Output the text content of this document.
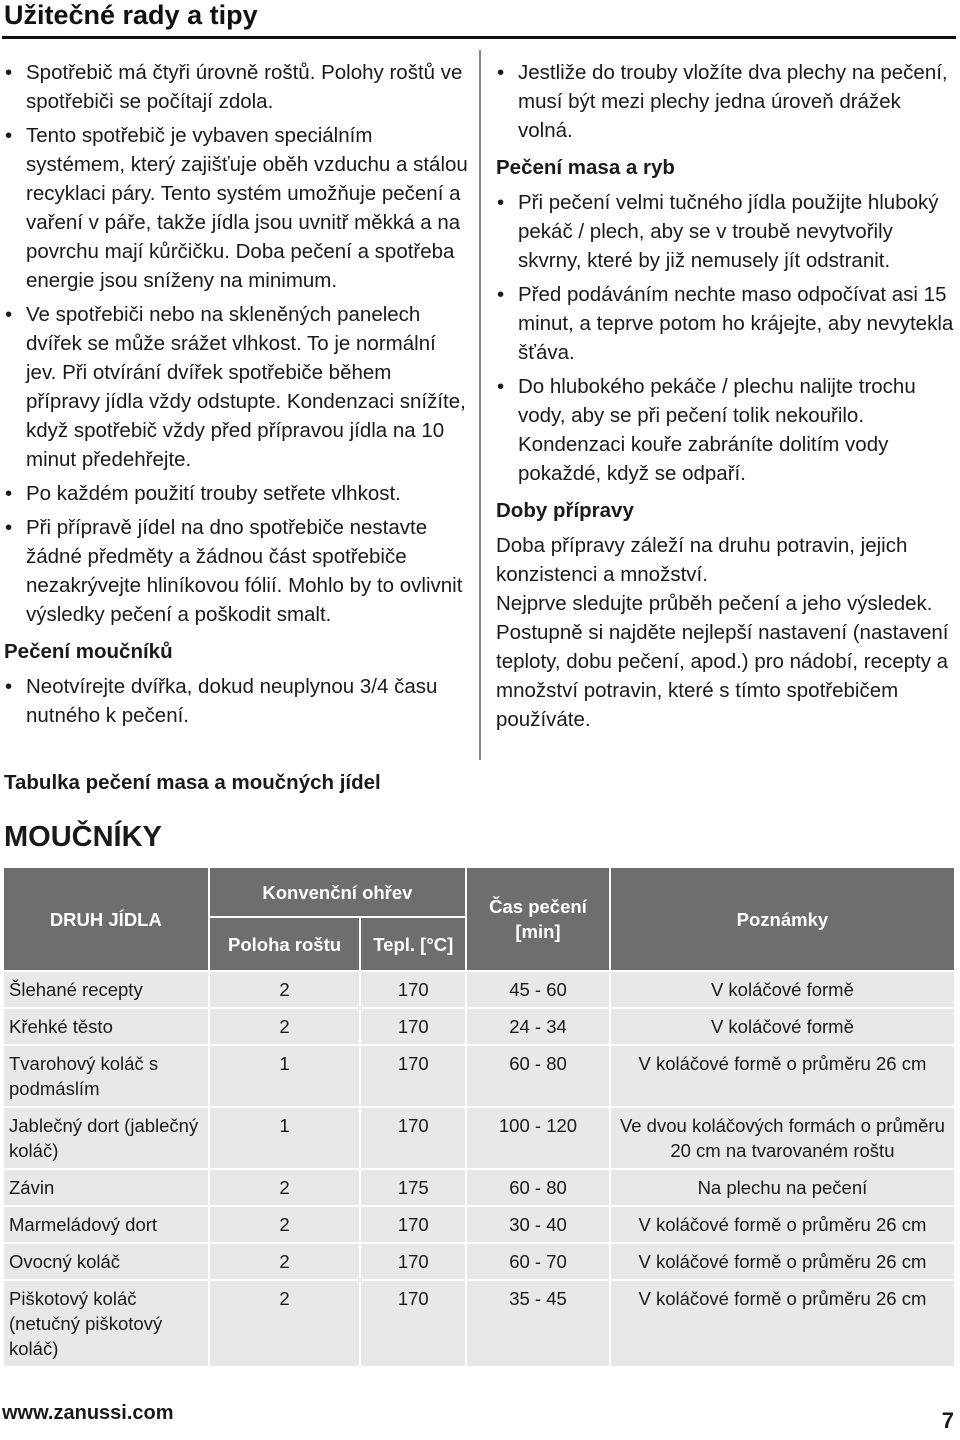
Užitečné rady a tipy
• Spotřebič má čtyři úrovně roštů. Polohy roštů ve spotřebiči se počítají zdola.
• Tento spotřebič je vybaven speciálním systémem, který zajišťuje oběh vzduchu a stálou recyklaci páry. Tento systém umožňuje pečení a vaření v páře, takže jídla jsou uvnitř měkká a na povrchu mají kůrčičku. Doba pečení a spotřeba energie jsou sníženy na minimum.
• Ve spotřebiči nebo na skleněných panelech dvířek se může srážet vlhkost. To je normální jev. Při otvírání dvířek spotřebiče během přípravy jídla vždy odstupte. Kondenzaci snížíte, když spotřebič vždy před přípravou jídla na 10 minut předehřejte.
• Po každém použití trouby setřete vlhkost.
• Při přípravě jídel na dno spotřebiče nestavte žádné předměty a žádnou část spotřebiče nezakrývejte hliníkovou fólií. Mohlo by to ovlivnit výsledky pečení a poškodit smalt.
Pečení moučníků
• Neotvírejte dvířka, dokud neuplynou 3/4 času nutného k pečení.
• Jestliže do trouby vložíte dva plechy na pečení, musí být mezi plechy jedna úroveň drážek volná.
Pečení masa a ryb
• Při pečení velmi tučného jídla použijte hluboký pekáč / plech, aby se v troubě nevytvořily skvrny, které by již nemusely jít odstranit.
• Před podáváním nechte maso odpočívat asi 15 minut, a teprve potom ho krájejte, aby nevytekla šťáva.
• Do hlubokého pekáče / plechu nalijte trochu vody, aby se při pečení tolik nekouřilo. Kondenzaci kouře zabráníte dolitím vody pokaždé, když se odpaří.
Doby přípravy

Doba přípravy záleží na druhu potravin, jejich konzistenci a množství.

Nejprve sledujte průběh pečení a jeho výsledek. Postupně si najděte nejlepší nastavení (nastavení teploty, dobu pečení, apod.) pro nádobí, recepty a množství potravin, které s tímto spotřebičem používáte.

Tabulka pečení masa a moučných jídel
MOUČNÍKY
DRUH JÍDLA	Konvenční ohřev		Čas pečení [min]	Poznámky
	Poloha roštu	Tepl. [°C]		
Šlehané recepty	2	170	45 - 60	V koláčové formě
Křehké těsto	2	170	24 - 34	V koláčové formě
Tvarohový koláč s podmáslím	1	170	60 - 80	V koláčové formě o průměru 26 cm
Jablečný dort (jablečný koláč)	1	170	100 - 120	Ve dvou koláčových formách o průměru 20 cm na tvarovaném roštu
Závin	2	175	60 - 80	Na plechu na pečení
Marmeládový dort	2	170	30 - 40	V koláčové formě o průměru 26 cm
Ovocný koláč	2	170	60 - 70	V koláčové formě o průměru 26 cm
Piškotový koláč (netučný piškotový koláč)	2	170	35 - 45	V koláčové formě o průměru 26 cm
www.zanussi.com	7
